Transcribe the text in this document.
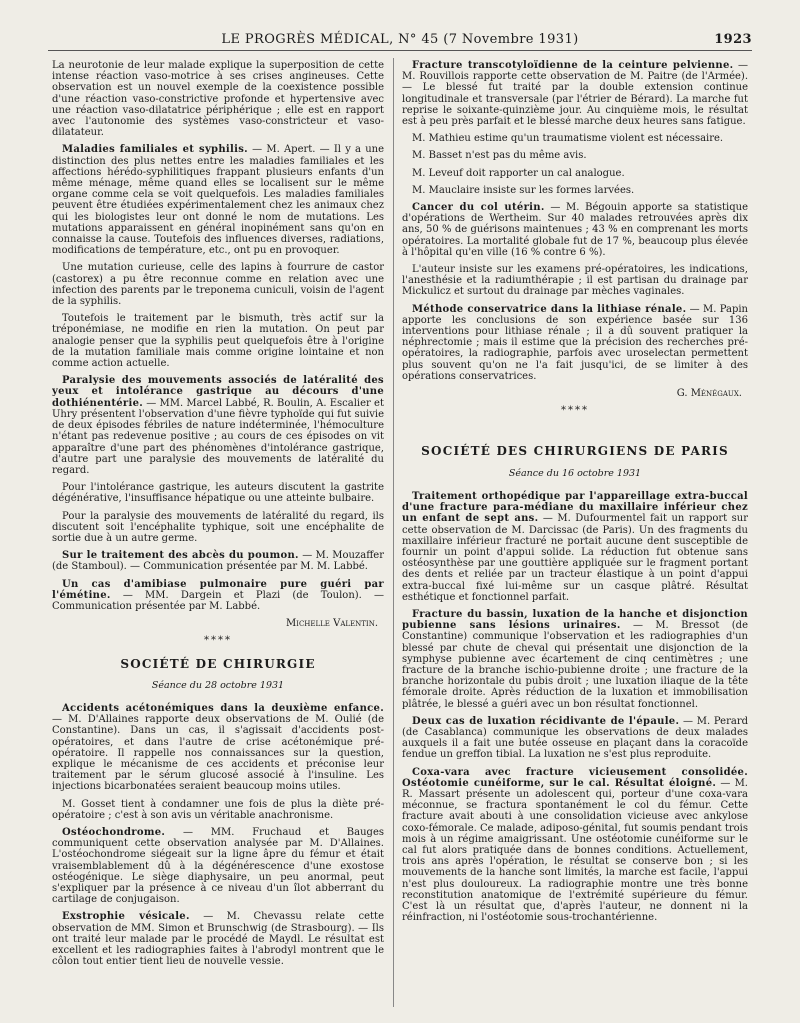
LE PROGRÈS MÉDICAL, N° 45 (7 Novembre 1931)	1923

La neurotonie de leur malade explique la superposition de cette intense réaction vaso-motrice à ses crises angineuses. Cette observation est un nouvel exemple de la coexistence possible d'une réaction vaso-constrictive profonde et hypertensive avec une réaction vaso-dilatatrice périphérique ; elle est en rapport avec l'autonomie des systèmes vaso-constricteur et vaso-dilatateur.

Maladies familiales et syphilis. — M. Apert. — Il y a une distinction des plus nettes entre les maladies familiales et les affections hérédo-syphilitiques frappant plusieurs enfants d'un même ménage, même quand elles se localisent sur le même organe comme cela se voit quelquefois. Les maladies familiales peuvent être étudiées expérimentalement chez les animaux chez qui les biologistes leur ont donné le nom de mutations. Les mutations apparaissent en général inopinément sans qu'on en connaisse la cause. Toutefois des influences diverses, radiations, modifications de température, etc., ont pu en provoquer.

Une mutation curieuse, celle des lapins à fourrure de castor (castorex) a pu être reconnue comme en relation avec une infection des parents par le treponema cuniculi, voisin de l'agent de la syphilis.

Toutefois le traitement par le bismuth, très actif sur la tréponémiase, ne modifie en rien la mutation. On peut par analogie penser que la syphilis peut quelquefois être à l'origine de la mutation familiale mais comme origine lointaine et non comme action actuelle.

Paralysie des mouvements associés de latéralité des yeux et intolérance gastrique au décours d'une dothiénentérie. — MM. Marcel Labbé, R. Boulin, A. Escalier et Uhry présentent l'observation d'une fièvre typhoïde qui fut suivie de deux épisodes fébriles de nature indéterminée, l'hémoculture n'étant pas redevenue positive ; au cours de ces épisodes on vit apparaître d'une part des phénomènes d'intolérance gastrique, d'autre part une paralysie des mouvements de latéralité du regard.

Pour l'intolérance gastrique, les auteurs discutent la gastrite dégénérative, l'insuffisance hépatique ou une atteinte bulbaire.

Pour la paralysie des mouvements de latéralité du regard, ils discutent soit l'encéphalite typhique, soit une encéphalite de sortie due à un autre germe.

Sur le traitement des abcès du poumon. — M. Mouzaffer (de Stamboul). — Communication présentée par M. M. Labbé.

Un cas d'amibiase pulmonaire pure guéri par l'émétine. — MM. Dargein et Plazi (de Toulon). — Communication présentée par M. Labbé.

Michelle Valentin.
****
SOCIÉTÉ DE CHIRURGIE
Séance du 28 octobre 1931

Accidents acétonémiques dans la deuxième enfance. — M. D'Allaines rapporte deux observations de M. Oulié (de Constantine). Dans un cas, il s'agissait d'accidents post-opératoires, et dans l'autre de crise acétonémique pré-opératoire. Il rappelle nos connaissances sur la question, explique le mécanisme de ces accidents et préconise leur traitement par le sérum glucosé associé à l'insuline. Les injections bicarbonatées seraient beaucoup moins utiles.

M. Gosset tient à condamner une fois de plus la diète pré-opératoire ; c'est à son avis un véritable anachronisme.

Ostéochondrome. — MM. Fruchaud et Bauges communiquent cette observation analysée par M. D'Allaines. L'ostéochondrome siégeait sur la ligne âpre du fémur et était vraisemblablement dû à la dégénérescence d'une exostose ostéogénique. Le siège diaphysaire, un peu anormal, peut s'expliquer par la présence à ce niveau d'un îlot abberrant du cartilage de conjugaison.

Exstrophie vésicale. — M. Chevassu relate cette observation de MM. Simon et Brunschwig (de Strasbourg). — Ils ont traité leur malade par le procédé de Maydl. Le résultat est excellent et les radiographies faites à l'abrodyl montrent que le côlon tout entier tient lieu de nouvelle vessie.

Fracture transcotyloïdienne de la ceinture pelvienne. — M. Rouvillois rapporte cette observation de M. Paitre (de l'Armée). — Le blessé fut traité par la double extension continue longitudinale et transversale (par l'étrier de Bérard). La marche fut reprise le soixante-quinzième jour. Au cinquième mois, le résultat est à peu près parfait et le blessé marche deux heures sans fatigue.

M. Mathieu estime qu'un traumatisme violent est nécessaire.

M. Basset n'est pas du même avis.

M. Leveuf doit rapporter un cal analogue.

M. Mauclaire insiste sur les formes larvées.

Cancer du col utérin. — M. Bégouin apporte sa statistique d'opérations de Wertheim. Sur 40 malades retrouvées après dix ans, 50 % de guérisons maintenues ; 43 % en comprenant les morts opératoires. La mortalité globale fut de 17 %, beaucoup plus élevée à l'hôpital qu'en ville (16 % contre 6 %).

L'auteur insiste sur les examens pré-opératoires, les indications, l'anesthésie et la radiumthérapie ; il est partisan du drainage par Mickulicz et surtout du drainage par mèches vaginales.

Méthode conservatrice dans la lithiase rénale. — M. Papin apporte les conclusions de son expérience basée sur 136 interventions pour lithiase rénale ; il a dû souvent pratiquer la néphrectomie ; mais il estime que la précision des recherches pré-opératoires, la radiographie, parfois avec uroselectan permettent plus souvent qu'on ne l'a fait jusqu'ici, de se limiter à des opérations conservatrices.

G. Ménégaux.
****
SOCIÉTÉ DES CHIRURGIENS DE PARIS
Séance du 16 octobre 1931

Traitement orthopédique par l'appareillage extra-buccal d'une fracture para-médiane du maxillaire inférieur chez un enfant de sept ans. — M. Dufourmentel fait un rapport sur cette observation de M. Darcissac (de Paris). Un des fragments du maxillaire inférieur fracturé ne portait aucune dent susceptible de fournir un point d'appui solide. La réduction fut obtenue sans ostéosynthèse par une gouttière appliquée sur le fragment portant des dents et reliée par un tracteur élastique à un point d'appui extra-buccal fixé lui-même sur un casque plâtré. Résultat esthétique et fonctionnel parfait.

Fracture du bassin, luxation de la hanche et disjonction pubienne sans lésions urinaires. — M. Bressot (de Constantine) communique l'observation et les radiographies d'un blessé par chute de cheval qui présentait une disjonction de la symphyse pubienne avec écartement de cinq centimètres ; une fracture de la branche ischio-pubienne droite ; une fracture de la branche horizontale du pubis droit ; une luxation iliaque de la tête fémorale droite. Après réduction de la luxation et immobilisation plâtrée, le blessé a guéri avec un bon résultat fonctionnel.

Deux cas de luxation récidivante de l'épaule. — M. Perard (de Casablanca) communique les observations de deux malades auxquels il a fait une butée osseuse en plaçant dans la coracoïde fendue un greffon tibial. La luxation ne s'est plus reproduite.

Coxa-vara avec fracture vicieusement consolidée. Ostéotomie cunéiforme, sur le cal. Résultat éloigné. — M. R. Massart présente un adolescent qui, porteur d'une coxa-vara méconnue, se fractura spontanément le col du fémur. Cette fracture avait abouti à une consolidation vicieuse avec ankylose coxo-fémorale. Ce malade, adiposo-génital, fut soumis pendant trois mois à un régime amaigrissant. Une ostéotomie cunéiforme sur le cal fut alors pratiquée dans de bonnes conditions. Actuellement, trois ans après l'opération, le résultat se conserve bon ; si les mouvements de la hanche sont limités, la marche est facile, l'appui n'est plus douloureux. La radiographie montre une très bonne reconstitution anatomique de l'extrémité supérieure du fémur. C'est là un résultat que, d'après l'auteur, ne donnent ni la réinfraction, ni l'ostéotomie sous-trochantérienne.
